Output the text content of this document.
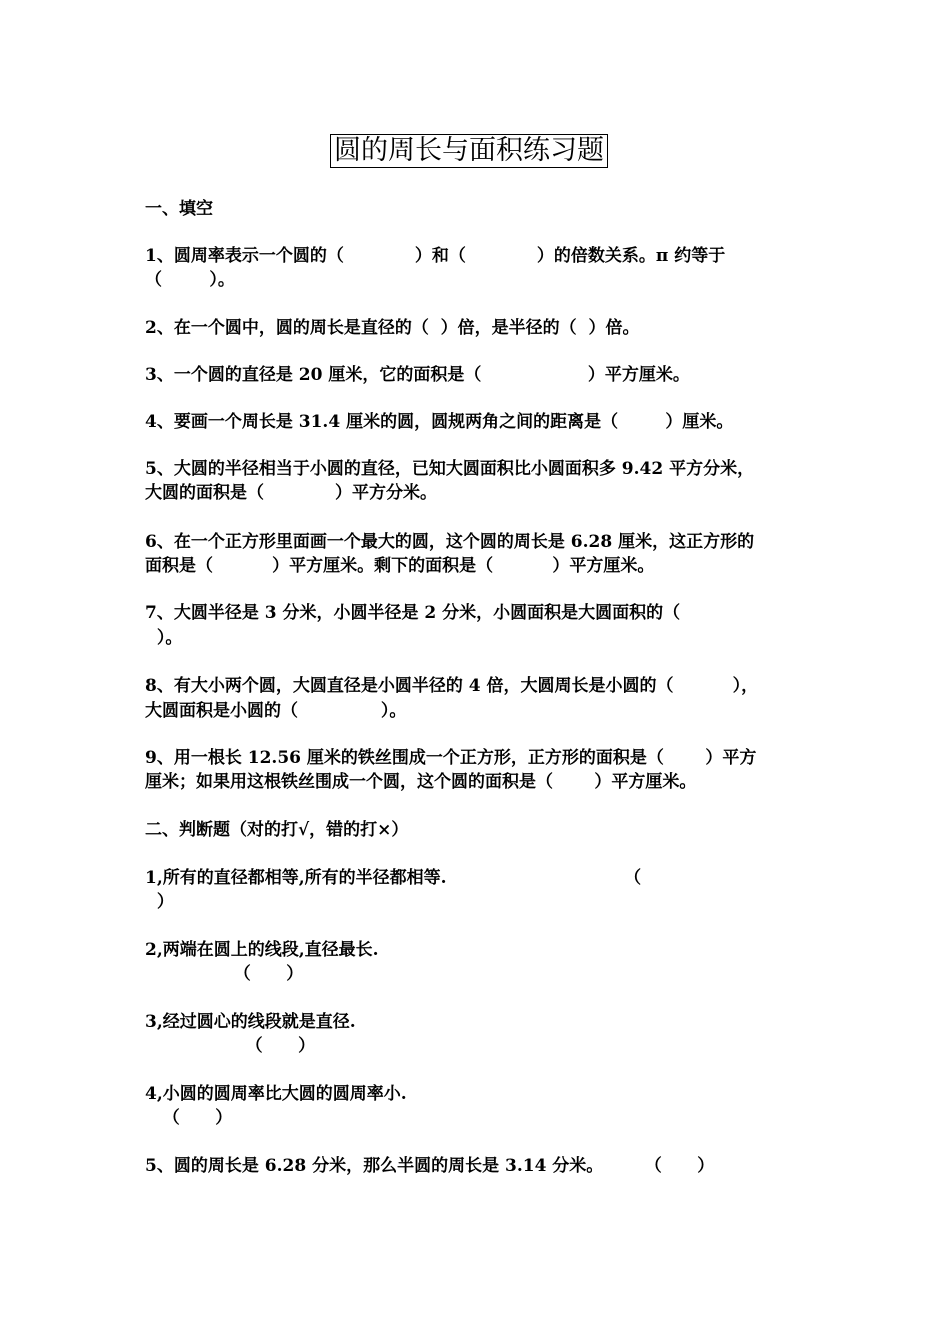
圆的周长与面积练习题
一、填空
1、圆周率表示一个圆的（            ）和（            ）的倍数关系。π 约等于
（        ）。
2、在一个圆中，圆的周长是直径的（  ）倍，是半径的（  ）倍。
3、一个圆的直径是 20 厘米，它的面积是（                  ）平方厘米。
4、要画一个周长是 31.4 厘米的圆，圆规两角之间的距离是（        ）厘米。
5、大圆的半径相当于小圆的直径，已知大圆面积比小圆面积多 9.42 平方分米，
大圆的面积是（            ）平方分米。
6、在一个正方形里面画一个最大的圆，这个圆的周长是 6.28 厘米，这正方形的
面积是（          ）平方厘米。剩下的面积是（          ）平方厘米。
7、大圆半径是 3 分米，小圆半径是 2 分米，小圆面积是大圆面积的（
）。
8、有大小两个圆，大圆直径是小圆半径的 4 倍，大圆周长是小圆的（          ），
大圆面积是小圆的（              ）。
9、用一根长 12.56 厘米的铁丝围成一个正方形，正方形的面积是（       ）平方
厘米；如果用这根铁丝围成一个圆，这个圆的面积是（       ）平方厘米。
二、判断题（对的打√，错的打×）
1,所有的直径都相等,所有的半径都相等.                              （
）
2,两端在圆上的线段,直径最长.
（      ）
3,经过圆心的线段就是直径.
（      ）
4,小圆的圆周率比大圆的圆周率小.
（      ）
5、圆的周长是 6.28 分米，那么半圆的周长是 3.14 分米。       （      ）
